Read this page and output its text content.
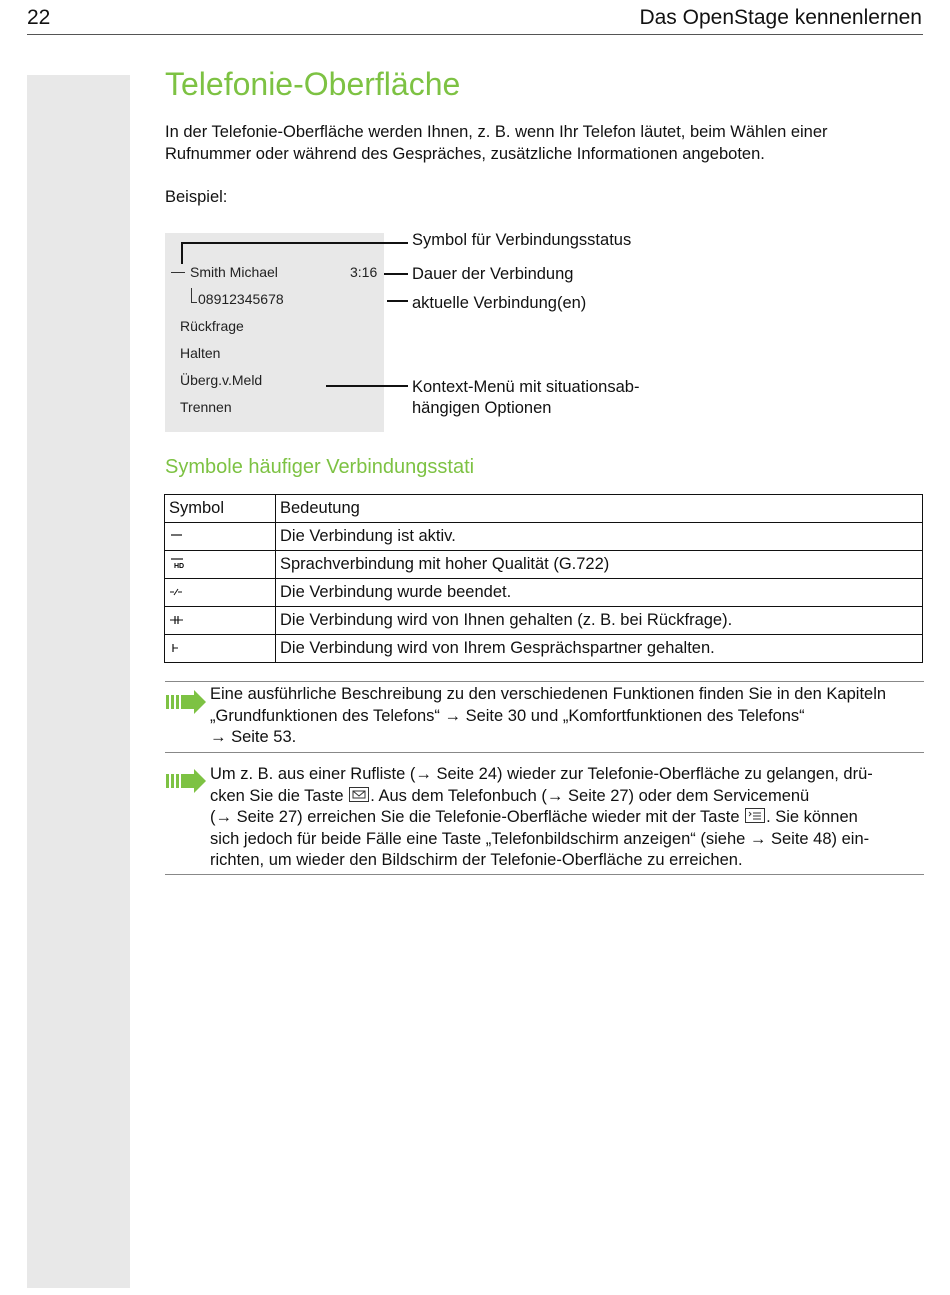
22	Das OpenStage kennenlernen
Telefonie-Oberfläche
In der Telefonie-Oberfläche werden Ihnen, z. B. wenn Ihr Telefon läutet, beim Wählen einer Rufnummer oder während des Gespräches, zusätzliche Informationen angeboten.
Beispiel:
Smith Michael	3:16
08912345678
Rückfrage
Halten
Überg.v.Meld
Trennen
Symbol für Verbindungsstatus
Dauer der Verbindung
aktuelle Verbindung(en)
Kontext-Menü mit situationsab-
hängigen Optionen
Symbole häufiger Verbindungsstati
Symbol	Bedeutung
	Die Verbindung ist aktiv.

HD	Sprachverbindung mit hoher Qualität (G.722)
	Die Verbindung wurde beendet.
	Die Verbindung wird von Ihnen gehalten (z. B. bei Rückfrage).
	Die Verbindung wird von Ihrem Gesprächspartner gehalten.
Eine ausführliche Beschreibung zu den verschiedenen Funktionen finden Sie in den Kapiteln
„Grundfunktionen des Telefons“ → Seite 30 und „Komfortfunktionen des Telefons“
→ Seite 53.
Um z. B. aus einer Rufliste (→ Seite 24) wieder zur Telefonie-Oberfläche zu gelangen, drü-
cken Sie die Taste
. Aus dem Telefonbuch (→ Seite 27) oder dem Servicemenü
(→ Seite 27) erreichen Sie die Telefonie-Oberfläche wieder mit der Taste
. Sie können
sich jedoch für beide Fälle eine Taste „Telefonbildschirm anzeigen“ (siehe → Seite 48) ein-
richten, um wieder den Bildschirm der Telefonie-Oberfläche zu erreichen.
